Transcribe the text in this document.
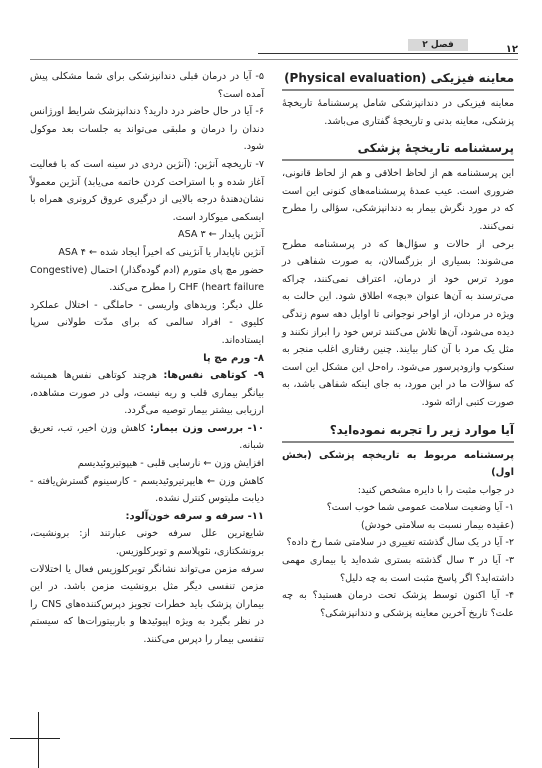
فصل ۲	۱۲

معاینه فیزیکی (Physical evaluation)

معاینه فیزیکی در دندانپزشکی شامل پرسشنامهٔ تاریخچهٔ پزشکی، معاینه بدنی و تاریخچهٔ گفتاری می‌باشد.

پرسشنامه تاریخچهٔ پزشکی

این پرسشنامه هم از لحاظ اخلاقی و هم از لحاظ قانونی، ضروری است. عیب عمدهٔ پرسشنامه‌های کنونی این است که در مورد نگرش بیمار به دندانپزشکی، سؤالی را مطرح نمی‌کنند.

برخی از حالات و سؤال‌ها که در پرسشنامه مطرح می‌شوند: بسیاری از بزرگسالان، به صورت شفاهی در مورد ترس خود از درمان، اعتراف نمی‌کنند، چراکه می‌ترسند به آن‌ها عنوان «بچه» اطلاق شود. این حالت به ویژه در مردان، از اواخر نوجوانی تا اوایل دهه سوم زندگی دیده می‌شود، آن‌ها تلاش می‌کنند ترس خود را ابراز نکنند و مثل یک مرد با آن کنار بیایند. چنین رفتاری اغلب منجر به سنکوپ وازودپرسور می‌شود. راه‌حل این مشکل این است که سؤالات ما در این مورد، به جای اینکه شفاهی باشد، به صورت کتبی ارائه شود.

آیا موارد زیر را تجربه نموده‌اید؟

پرسشنامه مربوط به تاریخچه پزشکی (بخش اول)

در جواب مثبت را با دایره مشخص کنید:

۱- آیا وضعیت سلامت عمومی شما خوب است؟

(عقیده بیمار نسبت به سلامتی خودش)

۲- آیا در یک سال گذشته تغییری در سلامتی شما رخ داده؟

۳- آیا در ۳ سال گذشته بستری شده‌اید یا بیماری مهمی داشته‌اید؟ اگر پاسخ مثبت است به چه دلیل؟

۴- آیا اکنون توسط پزشک تحت درمان هستید؟ به چه علت؟ تاریخ آخرین معاینه پزشکی و دندانپزشکی؟

۵- آیا در درمان قبلی دندانپزشکی برای شما مشکلی پیش آمده است؟

۶- آیا در حال حاضر درد دارید؟ دندانپزشک شرایط اورژانس دندان را درمان و ملبقی می‌تواند به جلسات بعد موکول شود.

۷- تاریخچه آنژین: (آنژین دردی در سینه است که با فعالیت آغاز شده و با استراحت کردن خاتمه می‌یابد) آنژین معمولاً نشان‌دهندهٔ درجه بالایی از درگیری عروق کرونری همراه با ایسکمی میوکارد است.

آنژین پایدار ← ASA ۳

آنژین ناپایدار یا آنژینی که اخیراً ایجاد شده ← ASA ۴

حضور مچ پای متورم (ادم گوده‌گذار) احتمال (Congestive heart failure) CHF را مطرح می‌کند.

علل دیگر: وریدهای واریسی - حاملگی - اختلال عملکرد کلیوی - افراد سالمی که برای مدّت طولانی سرپا ایستاده‌اند.

۸- ورم مچ پا

۹- کوتاهی نفس‌ها: هرچند کوتاهی نفس‌ها همیشه بیانگر بیماری قلب و ریه نیست، ولی در صورت مشاهده، ارزیابی بیشتر بیمار توصیه می‌گردد.

۱۰- بررسی وزن بیمار: کاهش وزن اخیر، تب، تعریق شبانه.

افزایش وزن ← نارسایی قلبی - هیپوتیروئیدیسم

کاهش وزن ← هایپرتیروئیدیسم - کارسینوم گسترش‌یافته - دیابت ملیتوس کنترل نشده.

۱۱- سرفه و سرفه خون‌آلود:

شایع‌ترین علل سرفه خونی عبارتند از: برونشیت، برونشکتازی، نئوپلاسم و توبرکلوزیس.

سرفه مزمن می‌تواند نشانگر توبرکلوزیس فعال یا اختلالات مزمن تنفسی دیگر مثل برونشیت مزمن باشد. در این بیماران پزشک باید خطرات تجویز دپرس‌کننده‌های CNS را در نظر بگیرد به ویژه اپیوئیدها و باربیتورات‌ها که سیستم تنفسی بیمار را دپرس می‌کنند.
